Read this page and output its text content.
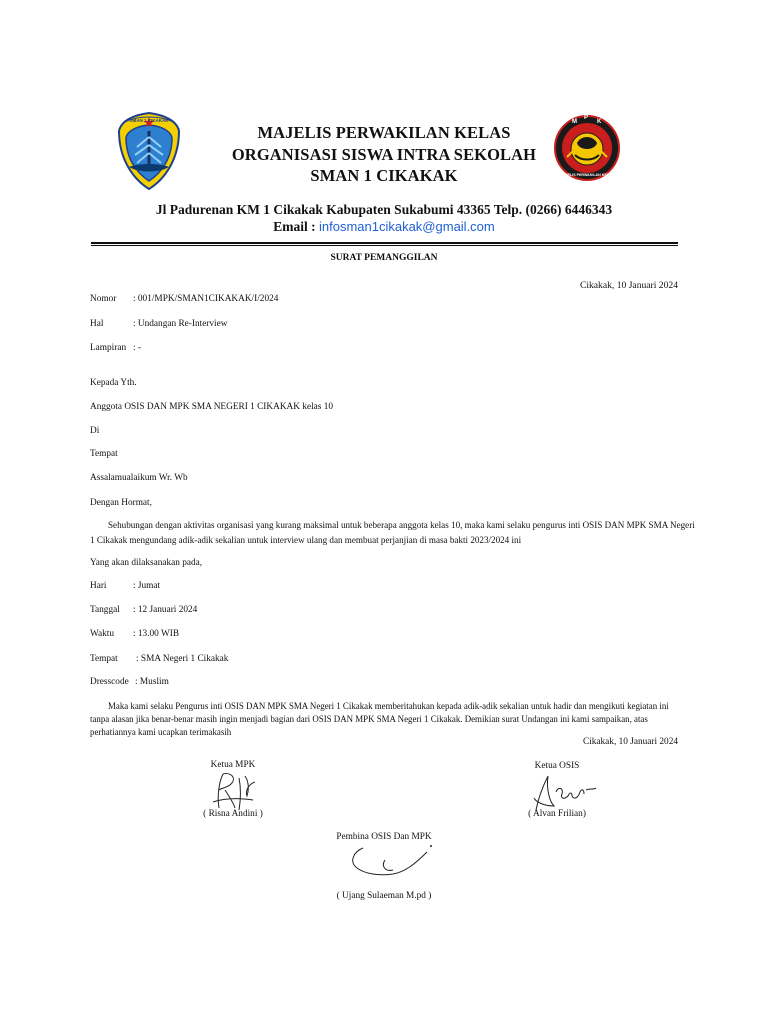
SMAN 1 CIKAKAK	M
P
K
MAJELIS PERWAKILAN KELAS
MAJELIS PERWAKILAN KELAS
ORGANISASI SISWA INTRA SEKOLAH
SMAN 1 CIKAKAK
Jl Padurenan KM 1 Cikakak Kabupaten Sukabumi 43365 Telp. (0266) 6446343
Email : infosman1cikakak@gmail.com
SURAT PEMANGGILAN
Cikakak, 10 Januari 2024
Nomor : 001/MPK/SMAN1CIKAKAK/I/2024
Hal	: Undangan Re-Interview
Lampiran : -
Kepada Yth.
Anggota OSIS DAN MPK SMA NEGERI 1 CIKAKAK kelas 10
Di
Tempat
Assalamualaikum Wr. Wb
Dengan Hormat,
Sehubungan dengan aktivitas organisasi yang kurang maksimal untuk beberapa anggota kelas 10, maka kami selaku pengurus inti OSIS DAN MPK SMA Negeri
1 Cikakak mengundang adik-adik sekalian untuk interview ulang dan membuat perjanjian di masa bakti 2023/2024 ini
Yang akan dilaksanakan pada,
Hari	: Jumat
Tanggal : 12 Januari 2024
Waktu : 13.00 WIB
Tempat : SMA Negeri 1 Cikakak
Dresscode : Muslim
Maka kami selaku Pengurus inti OSIS DAN MPK SMA Negeri 1 Cikakak memberitahukan kepada adik-adik sekalian untuk hadir dan mengikuti kegiatan ini
tanpa alasan jika benar-benar masih ingin menjadi bagian dari OSIS DAN MPK SMA Negeri 1 Cikakak. Demikian surat Undangan ini kami sampaikan, atas
perhatiannya kami ucapkan terimakasih
Cikakak, 10 Januari 2024
Ketua MPK
( Risna Andini )
Ketua OSIS
( Alvan Frilian)
Pembina OSIS Dan MPK
( Ujang Sulaeman M.pd )
